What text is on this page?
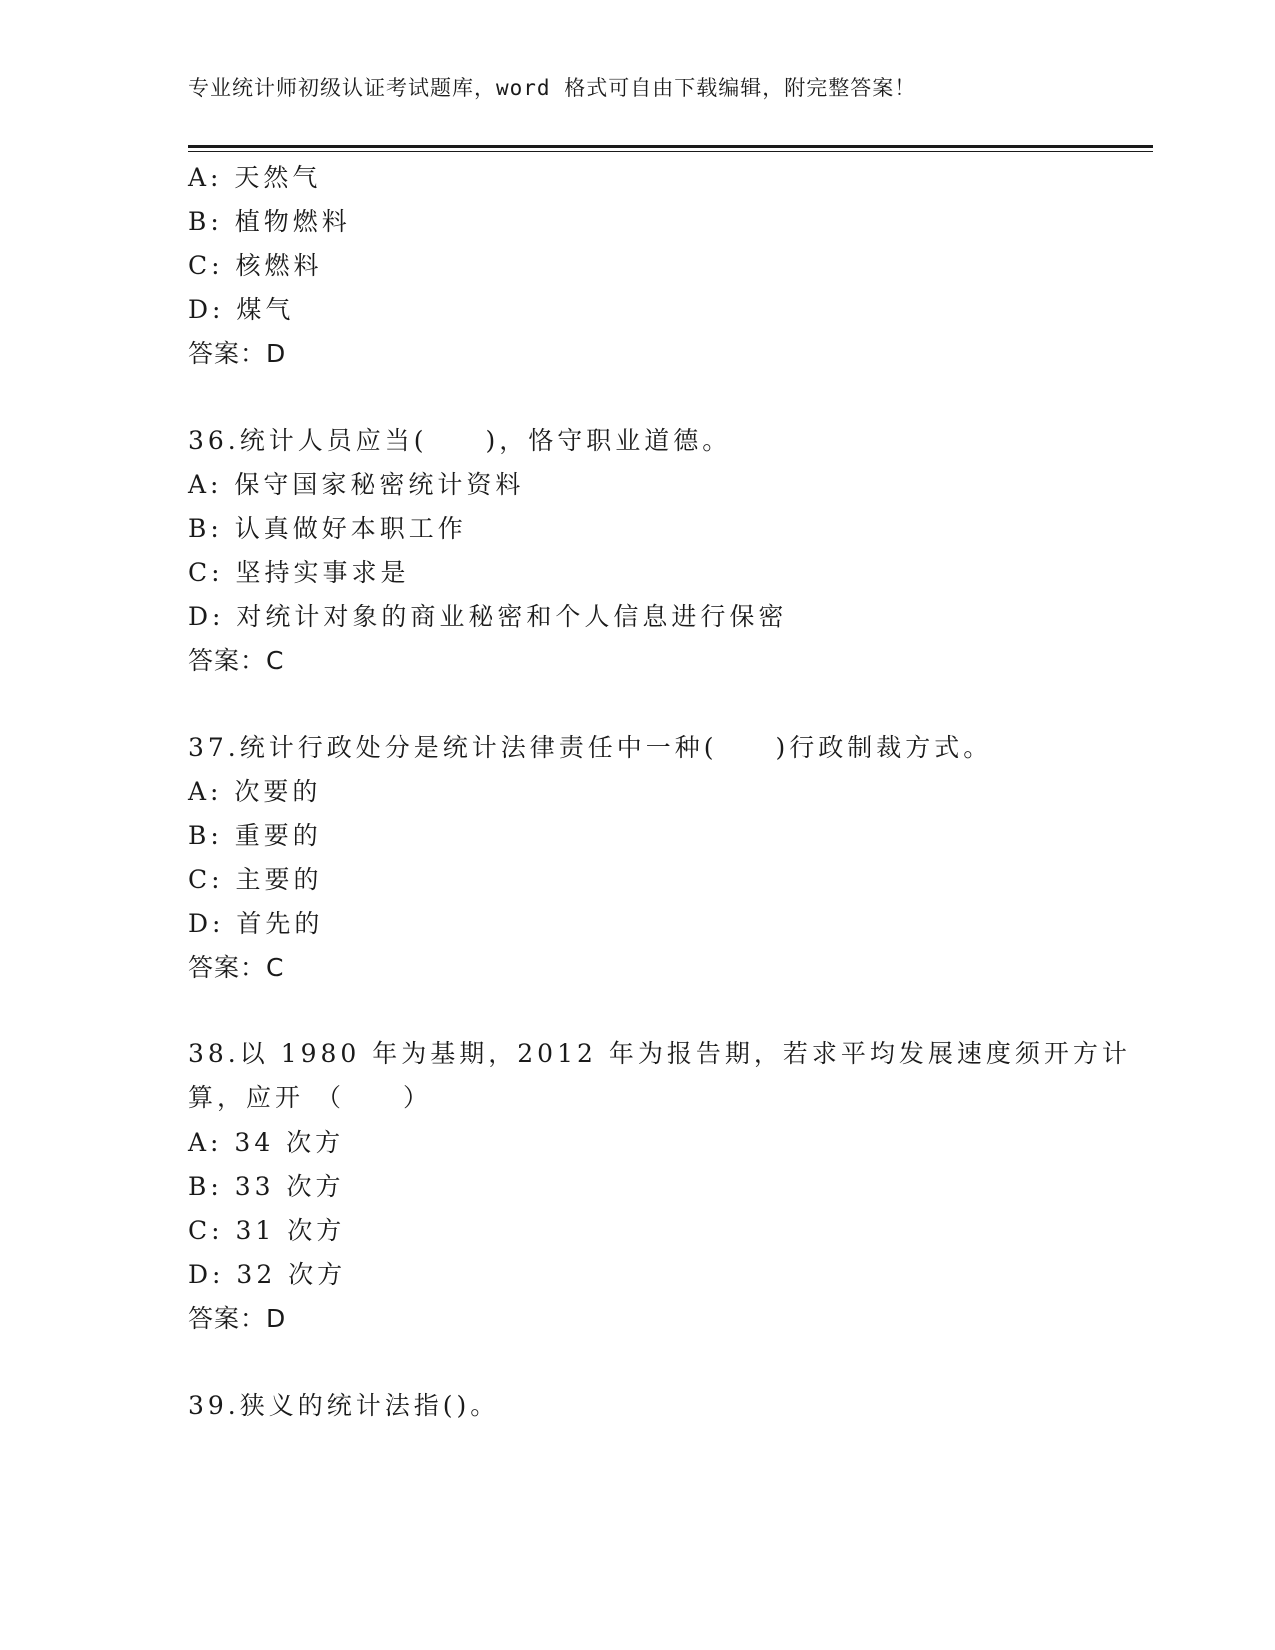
专业统计师初级认证考试题库，word 格式可自由下载编辑，附完整答案！
A: 天然气
B: 植物燃料
C: 核燃料
D: 煤气
答案：D
36.统计人员应当(　　)，恪守职业道德。
A: 保守国家秘密统计资料
B: 认真做好本职工作
C: 坚持实事求是
D: 对统计对象的商业秘密和个人信息进行保密
答案：C
37.统计行政处分是统计法律责任中一种(　　)行政制裁方式。
A: 次要的
B: 重要的
C: 主要的
D: 首先的
答案：C
38.以 1980 年为基期，2012 年为报告期，若求平均发展速度须开方计
算，应开 （　　）
A: 34 次方
B: 33 次方
C: 31 次方
D: 32 次方
答案：D
39.狭义的统计法指()。
